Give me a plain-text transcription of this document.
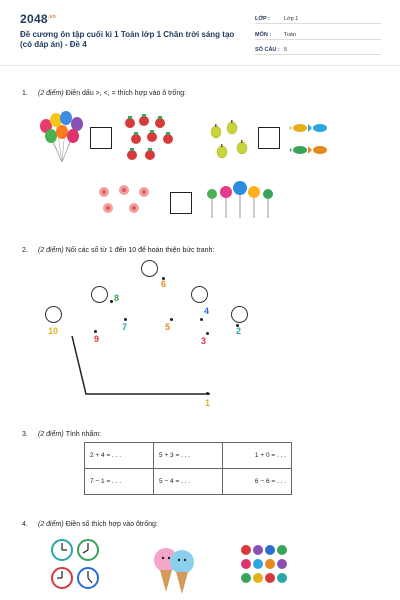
$2048^{.vn}$
Đề cương ôn tập cuối kì 1 Toán lớp 1 Chân trời sáng tạo (có đáp án) - Đề 4
LỚP :	Lớp 1
MÔN : Toán
SỐ CÂU : 5
1. (2 điểm) Điền dấu >, <, = thích hợp vào ô trống:
2. (2 điểm) Nối các số từ 1 đến 10 để hoàn thiện bức tranh:
6
8
4
10	7	5	2
9	3
1
3. (2 điểm) Tính nhẩm:
2 + 4 = . . .	5 + 3 = . . .	1 + 0 = . . .
7 − 1 = . . .	5 − 4 = . . .	6 − 6 = . . .
4. (2 điểm) Điền số thích hợp vào ôtrống:
